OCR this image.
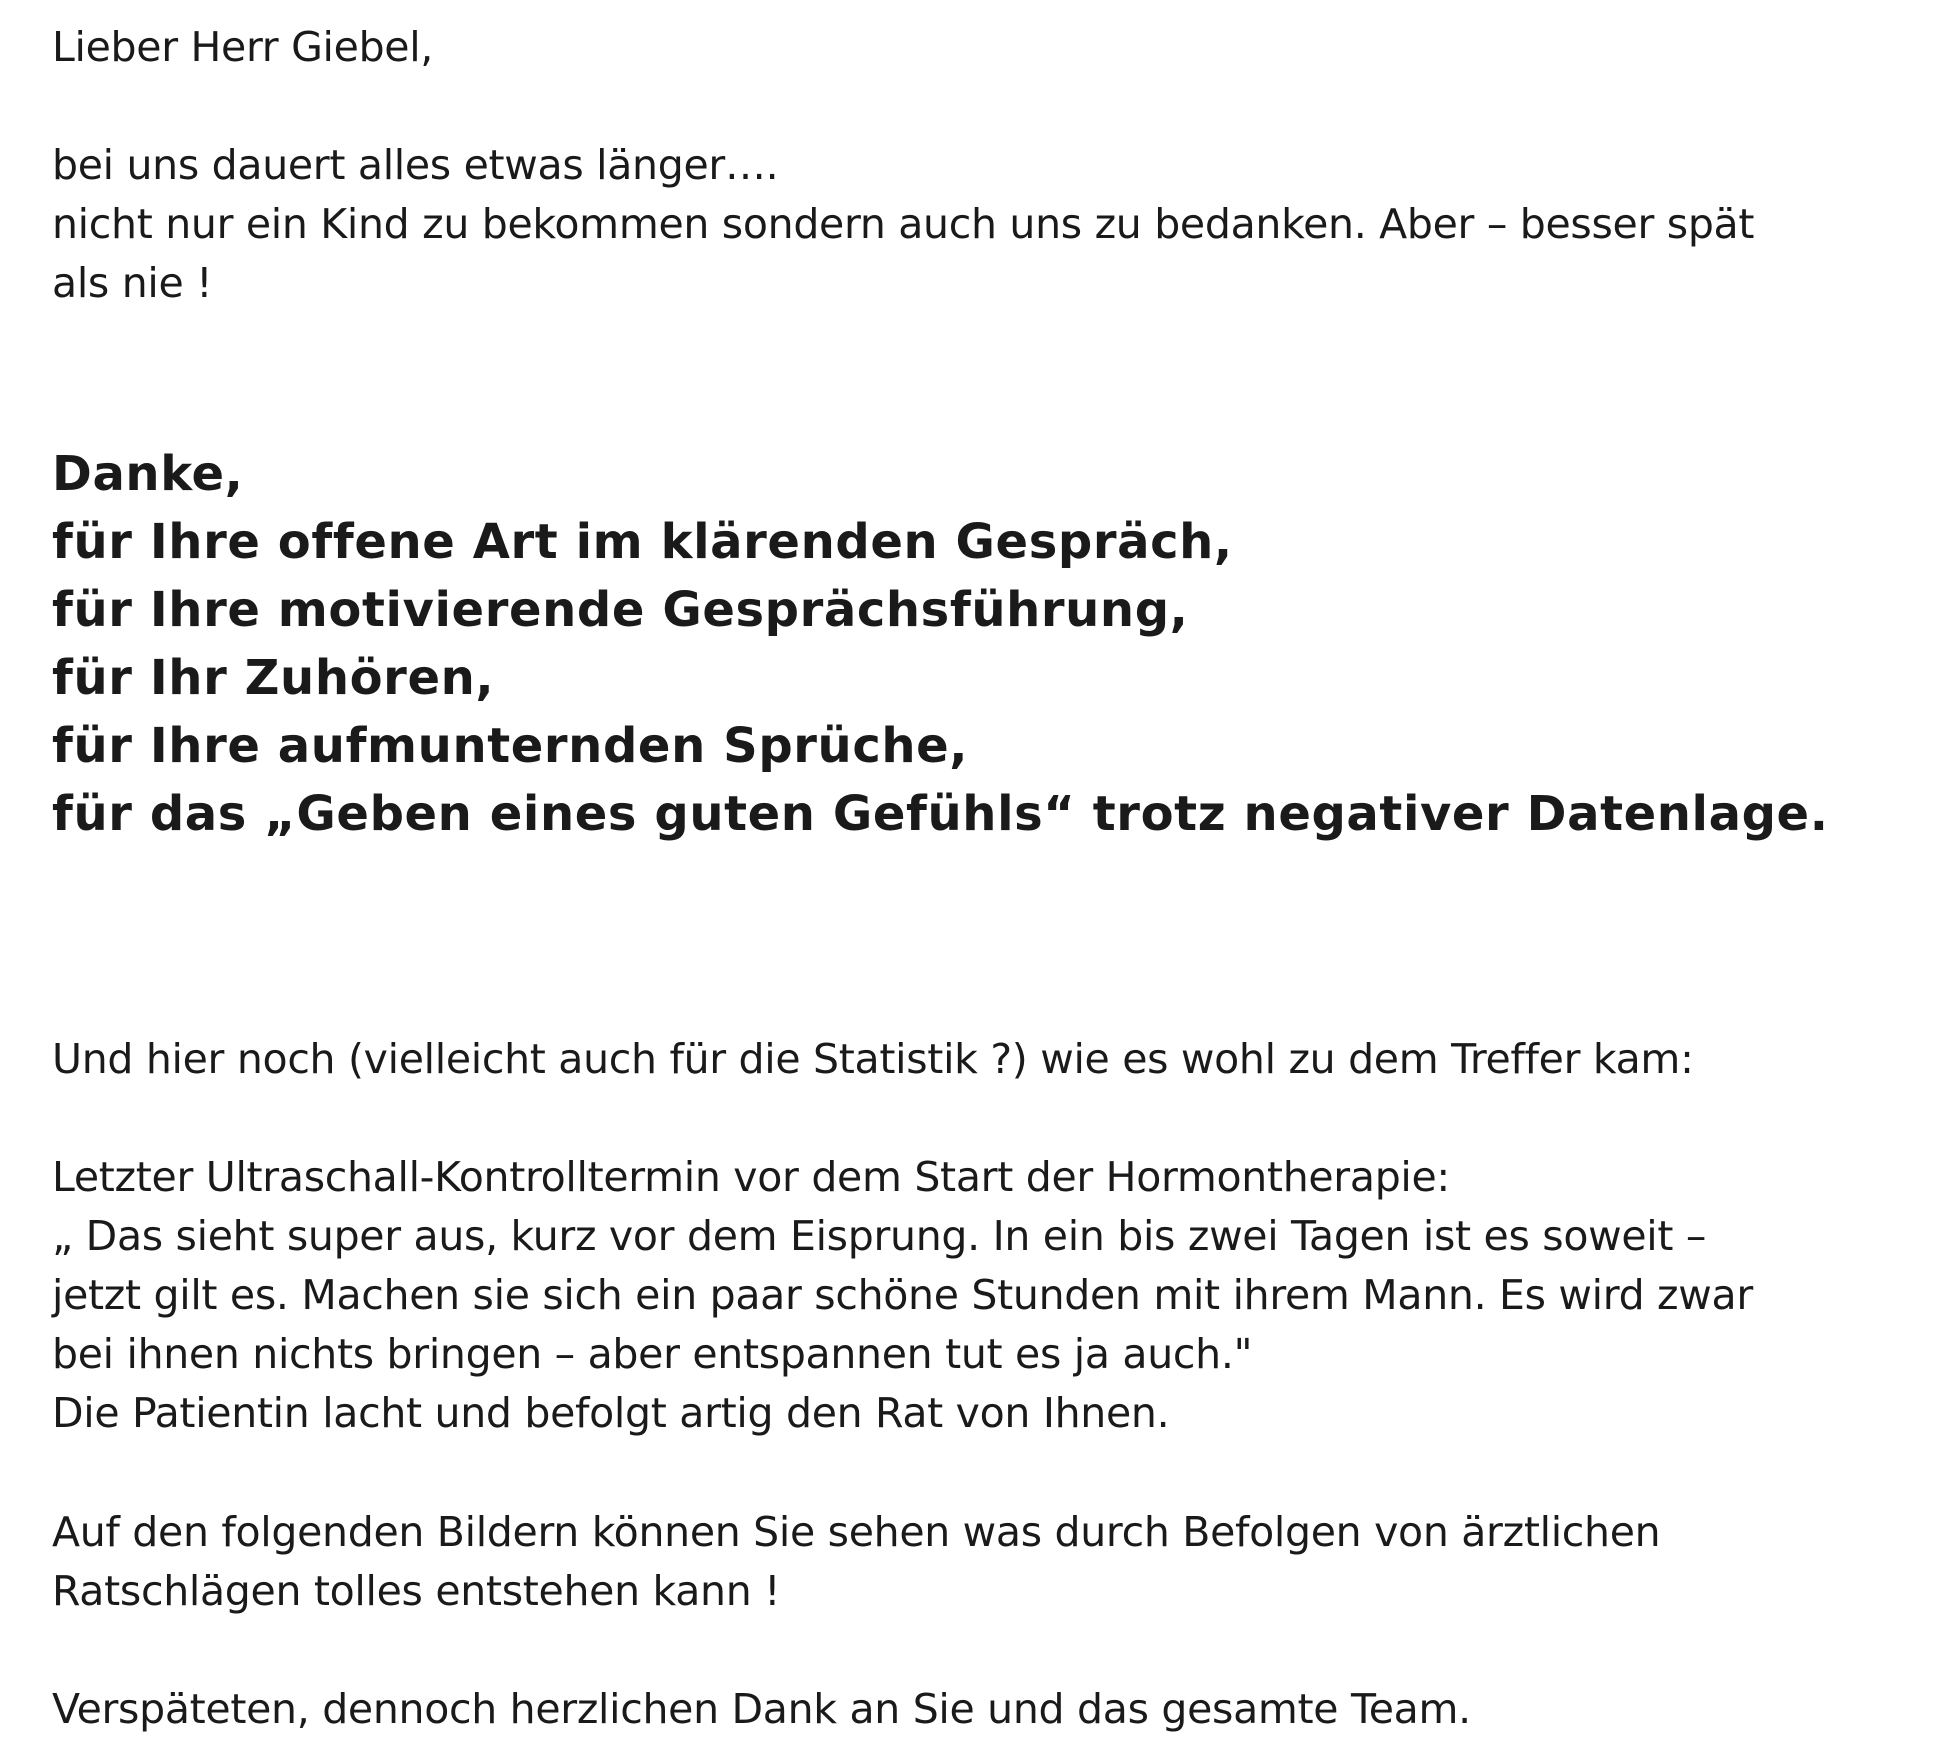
Lieber Herr Giebel,
bei uns dauert alles etwas länger….
nicht nur ein Kind zu bekommen sondern auch uns zu bedanken. Aber – besser spät
als nie !
Danke,
für Ihre offene Art im klärenden Gespräch,
für Ihre motivierende Gesprächsführung,
für Ihr Zuhören,
für Ihre aufmunternden Sprüche,
für das „Geben eines guten Gefühls“ trotz negativer Datenlage.
Und hier noch (vielleicht auch für die Statistik ?) wie es wohl zu dem Treffer kam:
Letzter Ultraschall-Kontrolltermin vor dem Start der Hormontherapie:
„ Das sieht super aus, kurz vor dem Eisprung. In ein bis zwei Tagen ist es soweit –
jetzt gilt es. Machen sie sich ein paar schöne Stunden mit ihrem Mann. Es wird zwar
bei ihnen nichts bringen – aber entspannen tut es ja auch."
Die Patientin lacht und befolgt artig den Rat von Ihnen.
Auf den folgenden Bildern können Sie sehen was durch Befolgen von ärztlichen
Ratschlägen tolles entstehen kann !
Verspäteten, dennoch herzlichen Dank an Sie und das gesamte Team.
